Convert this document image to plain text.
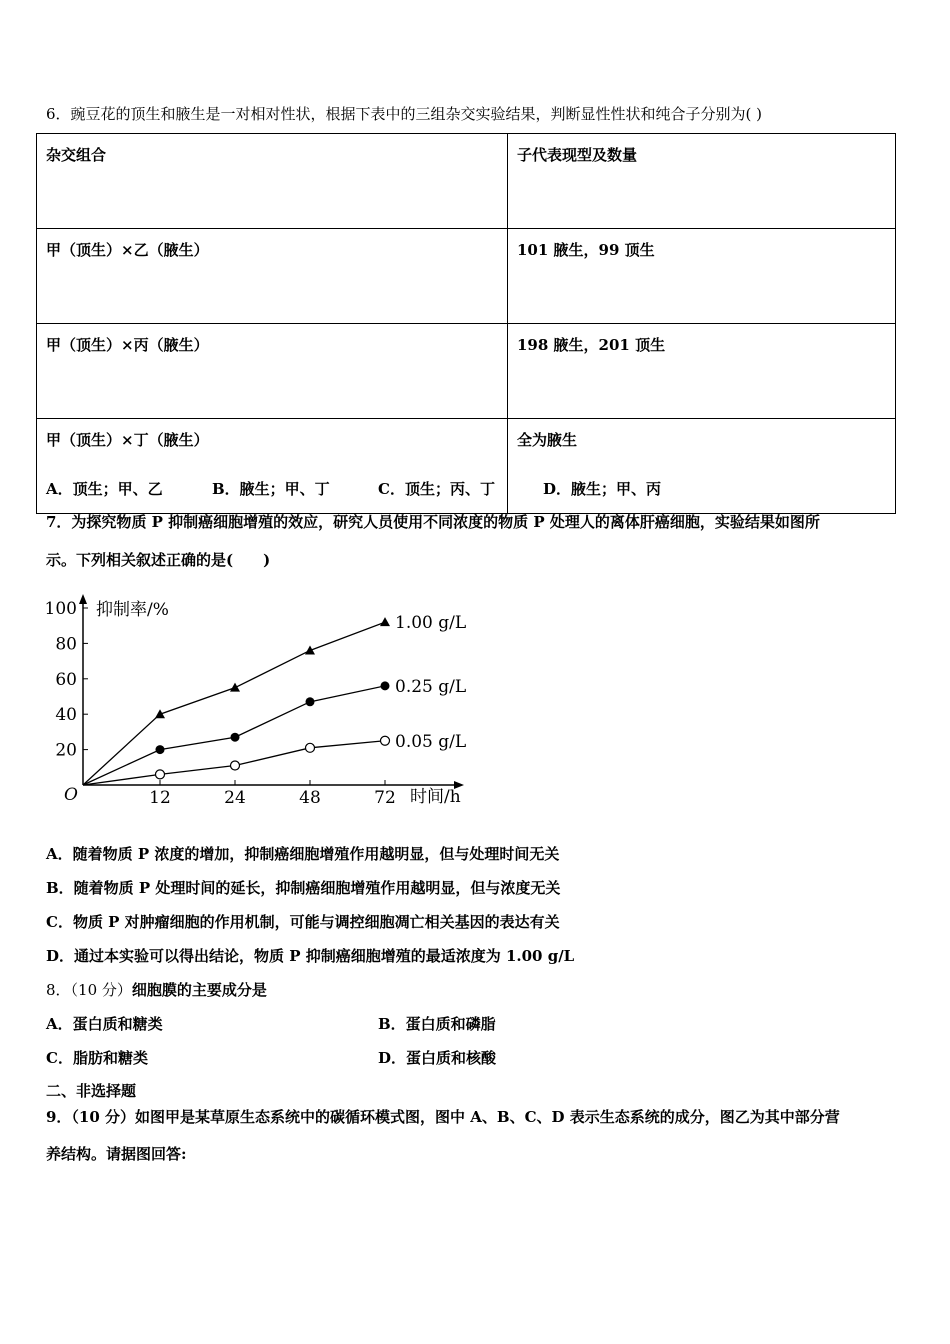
6．豌豆花的顶生和腋生是一对相对性状，根据下表中的三组杂交实验结果，判断显性性状和纯合子分别为( )
杂交组合	子代表现型及数量
甲（顶生）×乙（腋生）	101 腋生，99 顶生
甲（顶生）×丙（腋生）	198 腋生，201 顶生
甲（顶生）×丁（腋生）	全为腋生
A．顶生；甲、乙	B．腋生；甲、丁	C．顶生；丙、丁	D．腋生；甲、丙
7．为探究物质 P 抑制癌细胞增殖的效应，研究人员使用不同浓度的物质 P 处理人的离体肝癌细胞，实验结果如图所
示。下列相关叙述正确的是(　　)
100
80
60
40
20
12	24	48	72
抑制率/%
时间/h
O
1.00 g/L
0.25 g/L
0.05 g/L
A．随着物质 P 浓度的增加，抑制癌细胞增殖作用越明显，但与处理时间无关
B．随着物质 P 处理时间的延长，抑制癌细胞增殖作用越明显，但与浓度无关
C．物质 P 对肿瘤细胞的作用机制，可能与调控细胞凋亡相关基因的表达有关
D．通过本实验可以得出结论，物质 P 抑制癌细胞增殖的最适浓度为 1.00 g/L
8．（10 分）细胞膜的主要成分是
A．蛋白质和糖类	B．蛋白质和磷脂
C．脂肪和糖类	D．蛋白质和核酸
二、非选择题
9．（10 分）如图甲是某草原生态系统中的碳循环模式图，图中 A、B、C、D 表示生态系统的成分，图乙为其中部分营
养结构。请据图回答:
